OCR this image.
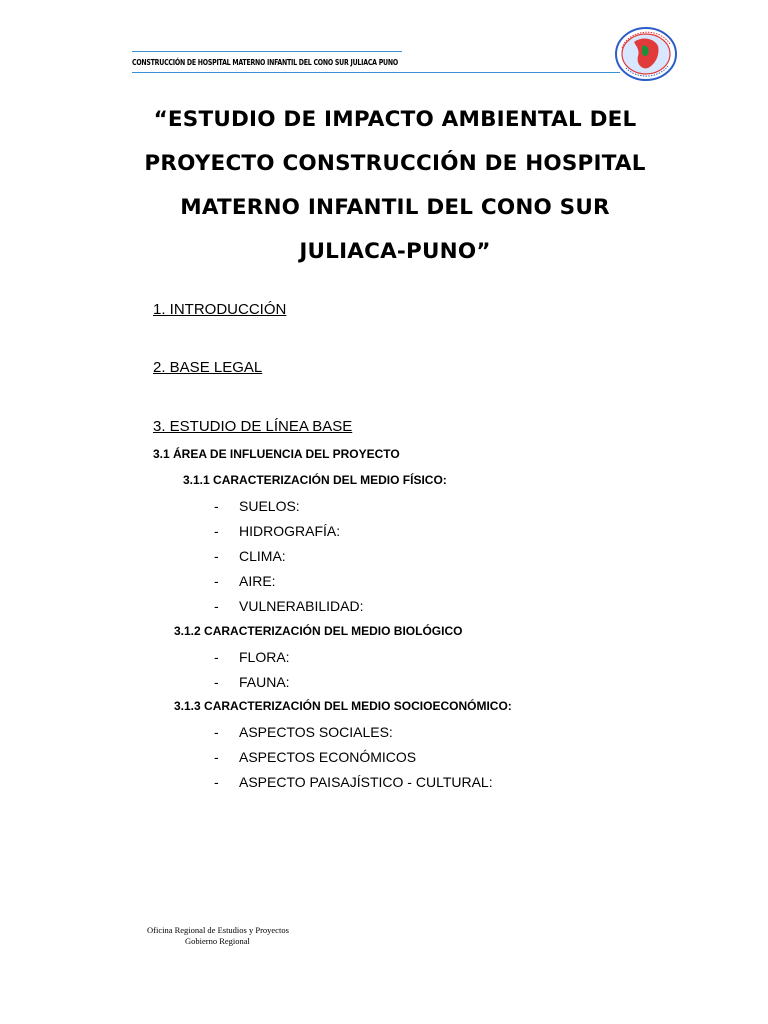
CONSTRUCCIÓN DE HOSPITAL MATERNO INFANTIL DEL CONO SUR JULIACA PUNO
“ESTUDIO DE IMPACTO AMBIENTAL DEL
PROYECTO CONSTRUCCIÓN DE HOSPITAL
MATERNO INFANTIL DEL CONO SUR
JULIACA-PUNO”
1. INTRODUCCIÓN
2. BASE LEGAL
3. ESTUDIO DE LÍNEA BASE
3.1 ÁREA DE INFLUENCIA DEL PROYECTO
3.1.1 CARACTERIZACIÓN DEL MEDIO FÍSICO:
- SUELOS:
- HIDROGRAFÍA:
- CLIMA:
- AIRE:
- VULNERABILIDAD:
3.1.2 CARACTERIZACIÓN DEL MEDIO BIOLÓGICO
- FLORA:
- FAUNA:
3.1.3 CARACTERIZACIÓN DEL MEDIO SOCIOECONÓMICO:
- ASPECTOS SOCIALES:
- ASPECTOS ECONÓMICOS
- ASPECTO PAISAJÍSTICO - CULTURAL:
Oficina Regional de Estudios y Proyectos
Gobierno Regional
